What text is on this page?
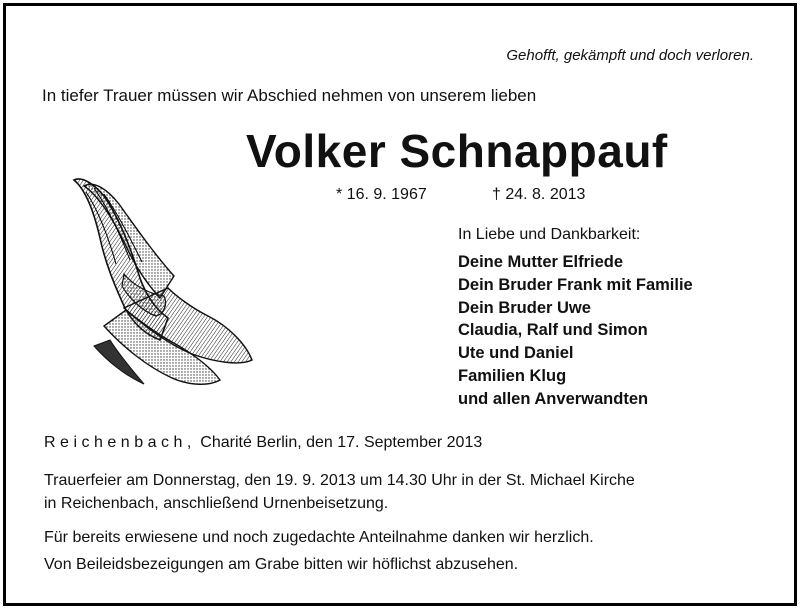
Gehofft, gekämpft und doch verloren.
In tiefer Trauer müssen wir Abschied nehmen von unserem lieben
Volker Schnappauf
* 16. 9. 1967	† 24. 8. 2013
In Liebe und Dankbarkeit:
Deine Mutter Elfriede
Dein Bruder Frank mit Familie
Dein Bruder Uwe
Claudia, Ralf und Simon
Ute und Daniel
Familien Klug
und allen Anverwandten
Reichenbach, Charité Berlin, den 17. September 2013
Trauerfeier am Donnerstag, den 19. 9. 2013 um 14.30 Uhr in der St. Michael Kirche
in Reichenbach, anschließend Urnenbeisetzung.
Für bereits erwiesene und noch zugedachte Anteilnahme danken wir herzlich.
Von Beileidsbezeigungen am Grabe bitten wir höflichst abzusehen.
